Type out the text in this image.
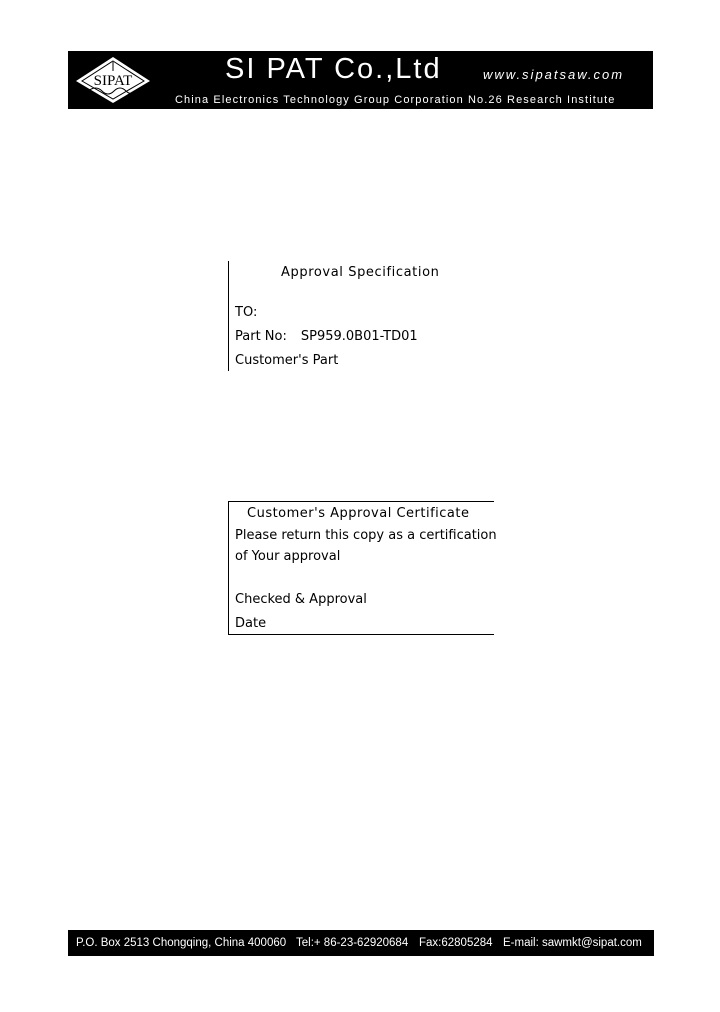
SIPAT	SI PAT Co.,Ltd	www.sipatsaw.com
China Electronics Technology Group Corporation No.26 Research Institute
Approval Specification
TO:
Part No: SP959.0B01-TD01
Customer's Part
Customer's Approval Certificate
Please return this copy as a certification
of Your approval
Checked & Approval
Date
P.O. Box 2513 Chongqing, China 400060 Tel:+ 86-23-62920684 Fax:62805284 E-mail: sawmkt@sipat.com
